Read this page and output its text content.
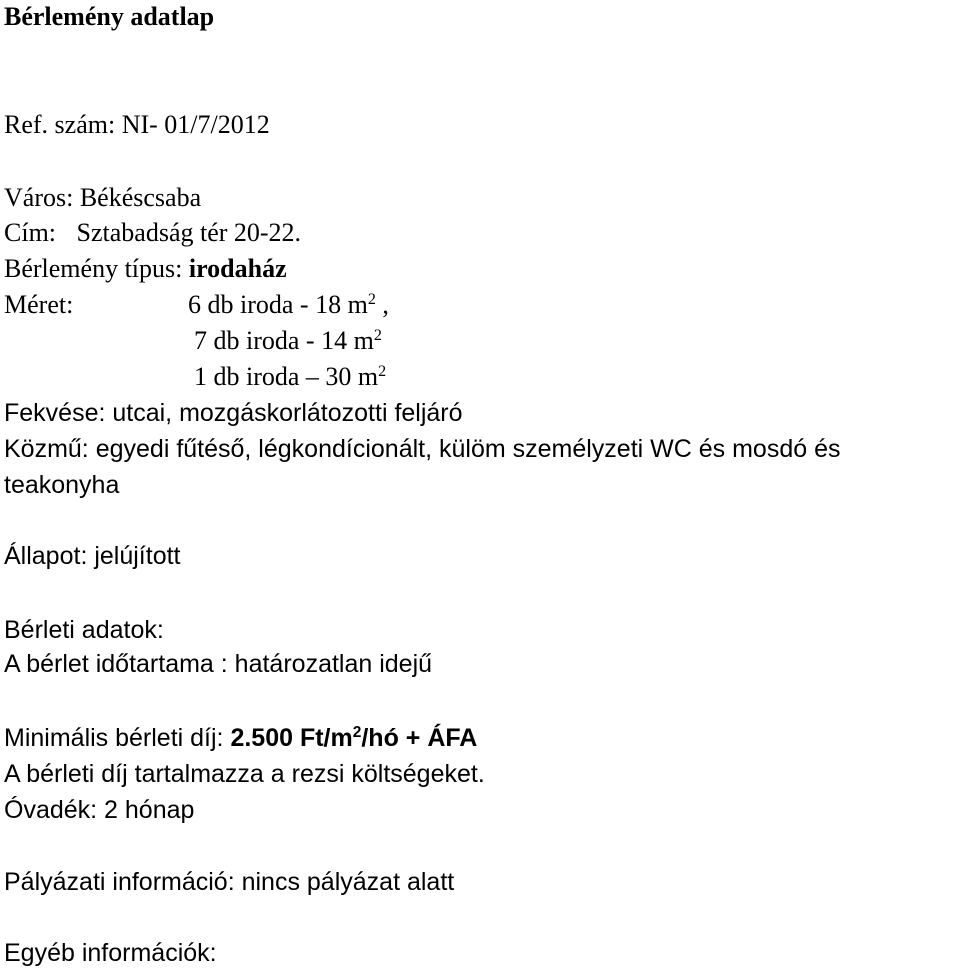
Bérlemény adatlap
Ref. szám: NI- 01/7/2012
Város: Békéscsaba
Cím: Sztabadság tér 20-22.
Bérlemény típus: irodaház
Méret:	6 db iroda - 18 $m^2$ ,
7 db iroda - 14 $m^2$
1 db iroda – 30 $m^2$
Fekvése: utcai, mozgáskorlátozotti feljáró
Közmű: egyedi fűtéső, légkondícionált, külöm személyzeti WC és mosdó és
teakonyha
Állapot: jelújított
Bérleti adatok:
A bérlet időtartama : határozatlan idejű
Minimális bérleti díj: 2.500 $Ft/m^2/hó$ + ÁFA
A bérleti díj tartalmazza a rezsi költségeket.
Óvadék: 2 hónap
Pályázati információ: nincs pályázat alatt
Egyéb információk:
